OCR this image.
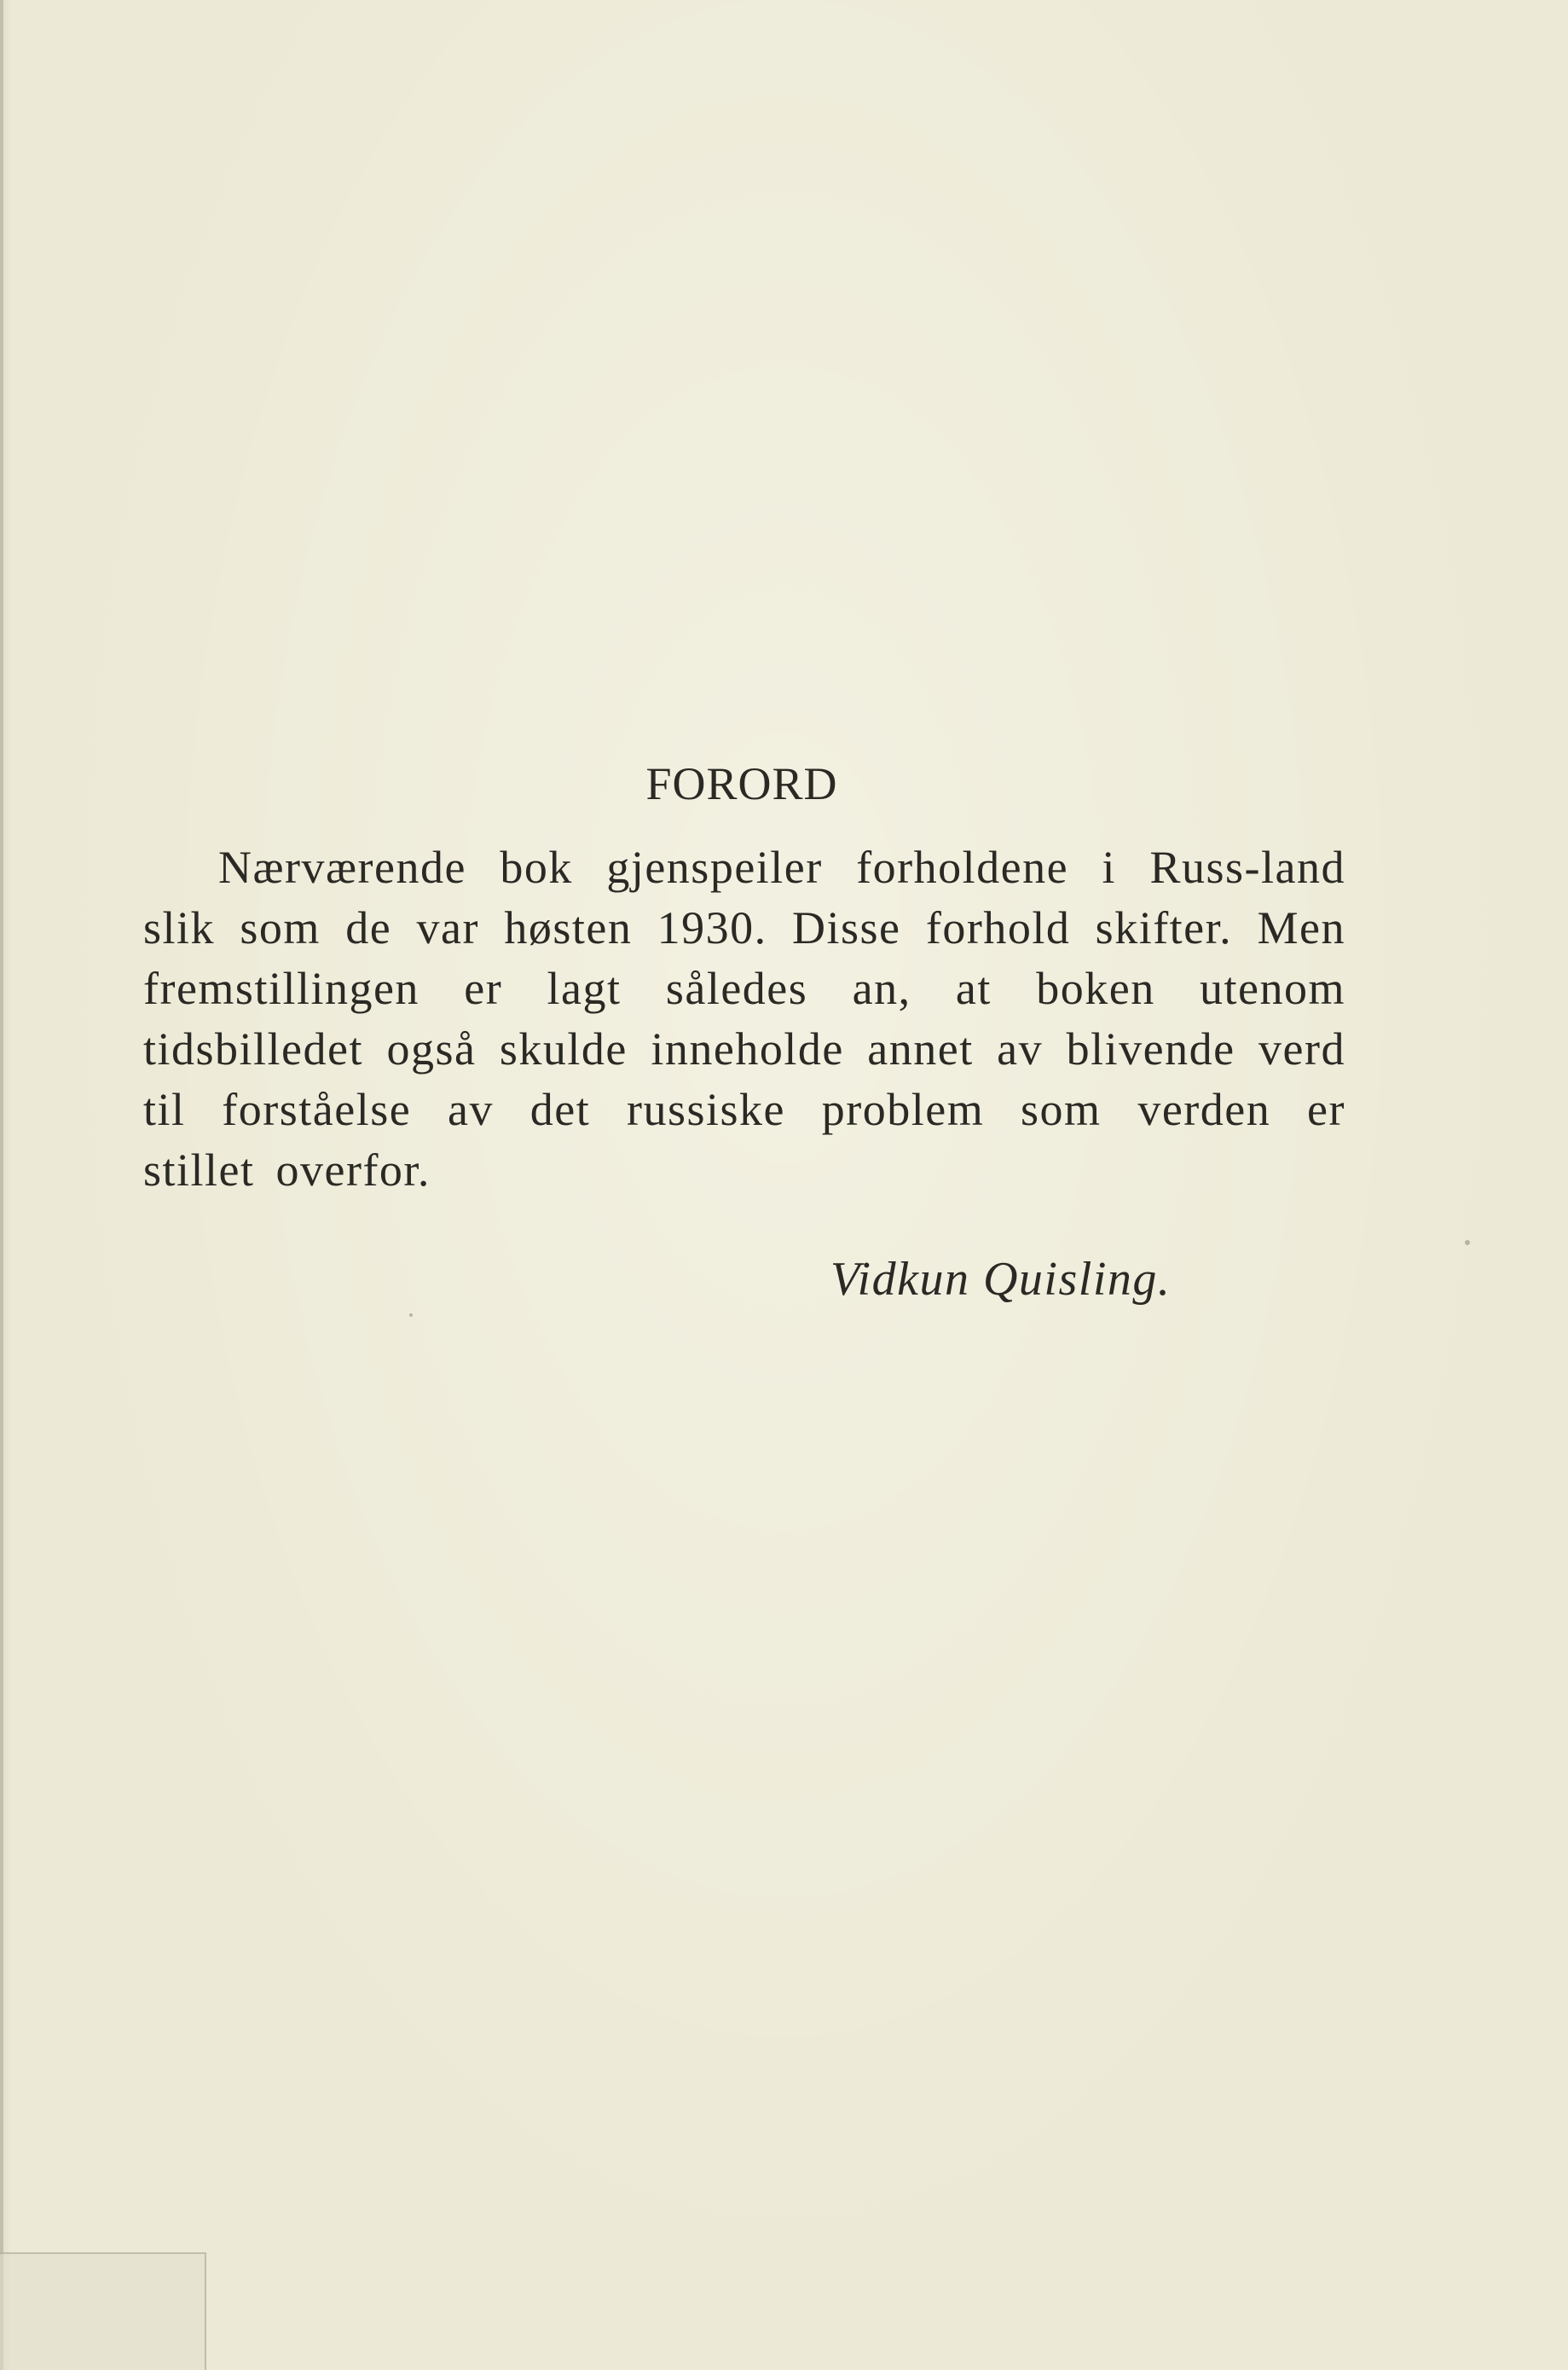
FORORD

Nærværende bok gjenspeiler forholdene i Russ-land slik som de var høsten 1930. Disse forhold skifter. Men fremstillingen er lagt således an, at boken utenom tidsbilledet også skulde inneholde annet av blivende verd til forståelse av det russiske problem som verden er stillet overfor.

Vidkun Quisling.
